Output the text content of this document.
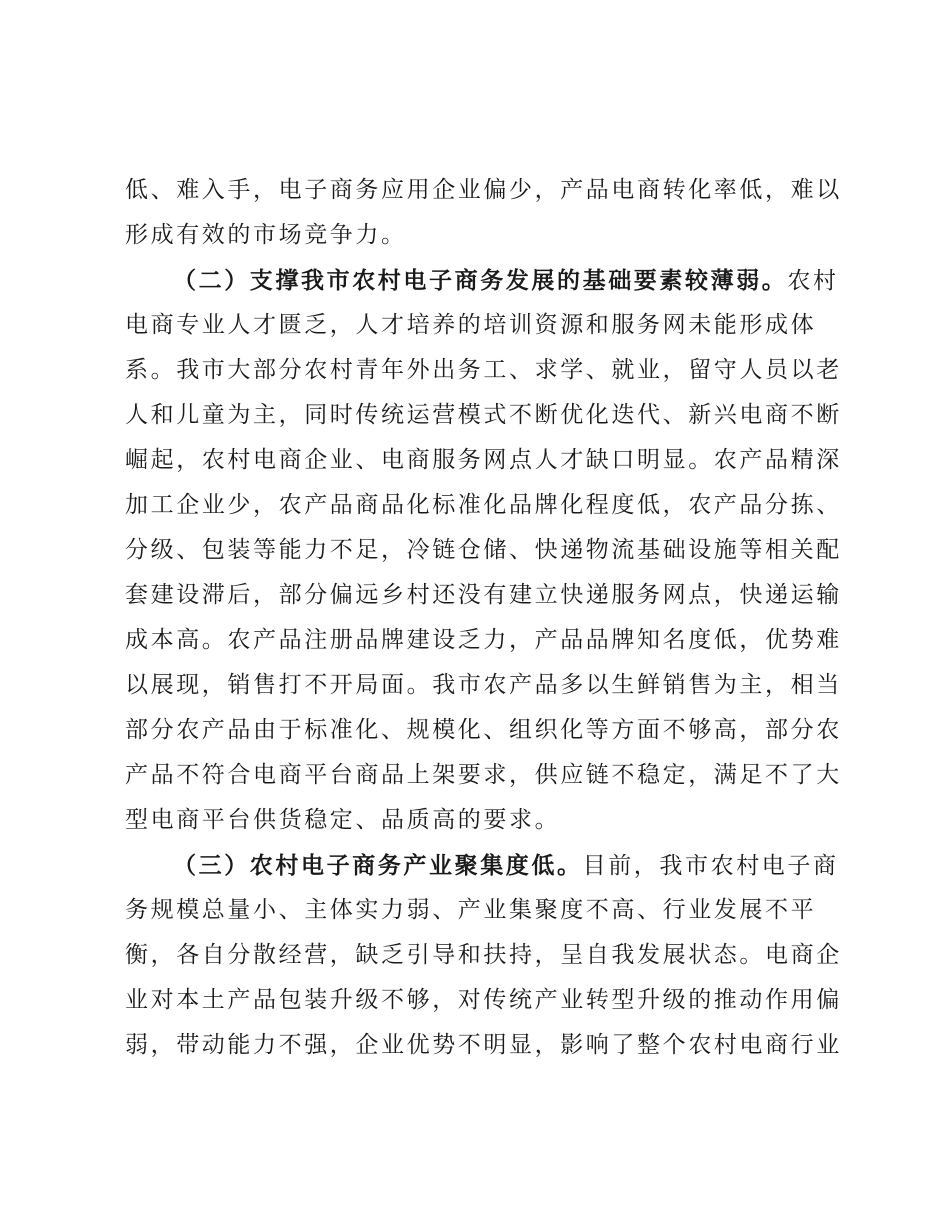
低、难入手，电子商务应用企业偏少，产品电商转化率低，难以
形成有效的市场竞争力。
（二）支撑我市农村电子商务发展的基础要素较薄弱。农村
电商专业人才匮乏，人才培养的培训资源和服务网未能形成体
系。我市大部分农村青年外出务工、求学、就业，留守人员以老
人和儿童为主，同时传统运营模式不断优化迭代、新兴电商不断
崛起，农村电商企业、电商服务网点人才缺口明显。农产品精深
加工企业少，农产品商品化标准化品牌化程度低，农产品分拣、
分级、包装等能力不足，冷链仓储、快递物流基础设施等相关配
套建设滞后，部分偏远乡村还没有建立快递服务网点，快递运输
成本高。农产品注册品牌建设乏力，产品品牌知名度低，优势难
以展现，销售打不开局面。我市农产品多以生鲜销售为主，相当
部分农产品由于标准化、规模化、组织化等方面不够高，部分农
产品不符合电商平台商品上架要求，供应链不稳定，满足不了大
型电商平台供货稳定、品质高的要求。
（三）农村电子商务产业聚集度低。目前，我市农村电子商
务规模总量小、主体实力弱、产业集聚度不高、行业发展不平
衡，各自分散经营，缺乏引导和扶持，呈自我发展状态。电商企
业对本土产品包装升级不够，对传统产业转型升级的推动作用偏
弱，带动能力不强，企业优势不明显，影响了整个农村电商行业
